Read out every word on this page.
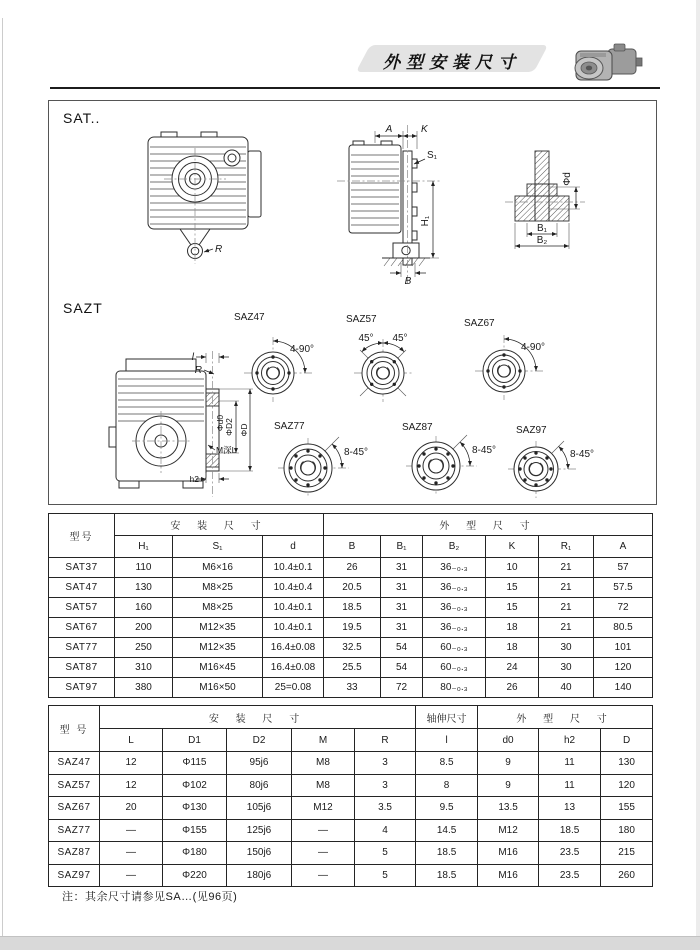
外型安装尺寸
SAT..
R
A	K
S₁
H₁
B
Φd
B₁
B₂
SAZT
l
R
ΦD2 ΦD
Φd0
M深L
h2
SAZ47
4-90°
SAZ57
45° 45°
SAZ67
4-90°
SAZ77
8-45°
SAZ87
8-45°
SAZ97
8-45°
型号	安 装 尺 寸			外 型 尺 寸					
	H₁	S₁	d	B	B₁	B₂	K	R₁	A
SAT37	110	M6×16	10.4±0.1	26	31	36₋₀.₃	10	21	57
SAT47	130	M8×25	10.4±0.4	20.5	31	36₋₀.₃	15	21	57.5
SAT57	160	M8×25	10.4±0.1	18.5	31	36₋₀.₃	15	21	72
SAT67	200	M12×35	10.4±0.1	19.5	31	36₋₀.₃	18	21	80.5
SAT77	250	M12×35	16.4±0.08	32.5	54	60₋₀.₃	18	30	101
SAT87	310	M16×45	16.4±0.08	25.5	54	60₋₀.₃	24	30	120
SAT97	380	M16×50	25=0.08	33	72	80₋₀.₃	26	40	140
型 号	安 装 尺 寸					轴伸尺寸	外 型 尺 寸		
	L	D1	D2	M	R	l	d0	h2	D
SAZ47	12	Φ115	95j6	M8	3	8.5	9	11	130
SAZ57	12	Φ102	80j6	M8	3	8	9	11	120
SAZ67	20	Φ130	105j6	M12	3.5	9.5	13.5	13	155
SAZ77	—	Φ155	125j6	—	4	14.5	M12	18.5	180
SAZ87	—	Φ180	150j6	—	5	18.5	M16	23.5	215
SAZ97	—	Φ220	180j6	—	5	18.5	M16	23.5	260
注：其余尺寸请参见SA…(见96页)
